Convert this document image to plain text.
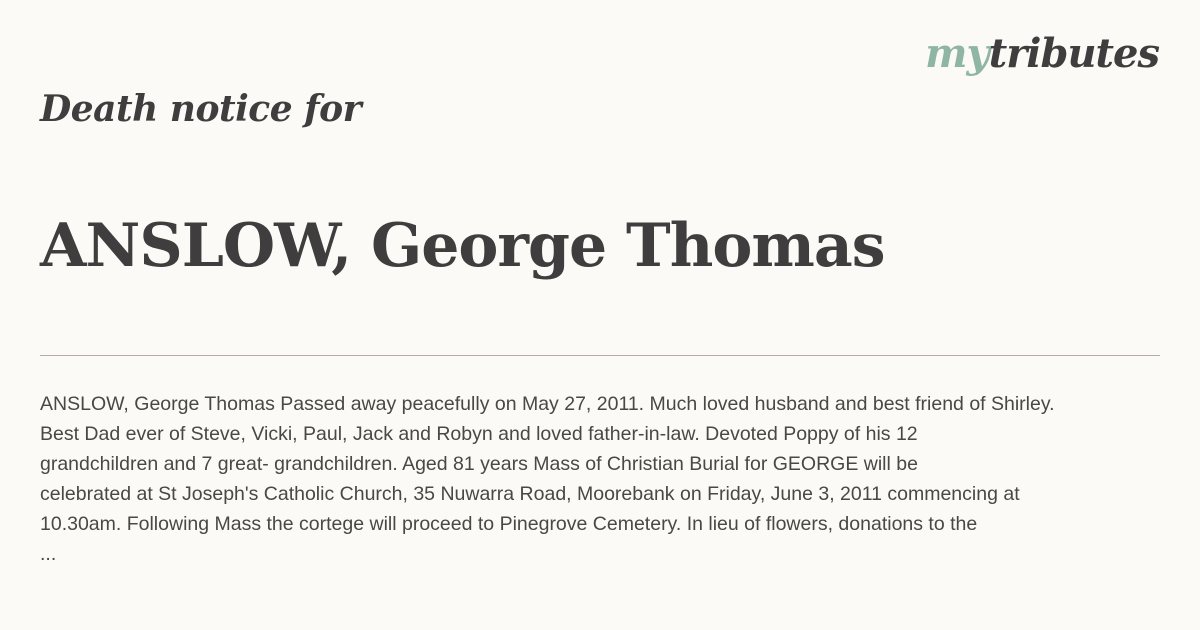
mytributes
Death notice for
ANSLOW, George Thomas

ANSLOW, George Thomas Passed away peacefully on May 27, 2011. Much loved husband and best friend of Shirley.
Best Dad ever of Steve, Vicki, Paul, Jack and Robyn and loved father-in-law. Devoted Poppy of his 12
grandchildren and 7 great- grandchildren. Aged 81 years Mass of Christian Burial for GEORGE will be
celebrated at St Joseph's Catholic Church, 35 Nuwarra Road, Moorebank on Friday, June 3, 2011 commencing at
10.30am. Following Mass the cortege will proceed to Pinegrove Cemetery. In lieu of flowers, donations to the
...
